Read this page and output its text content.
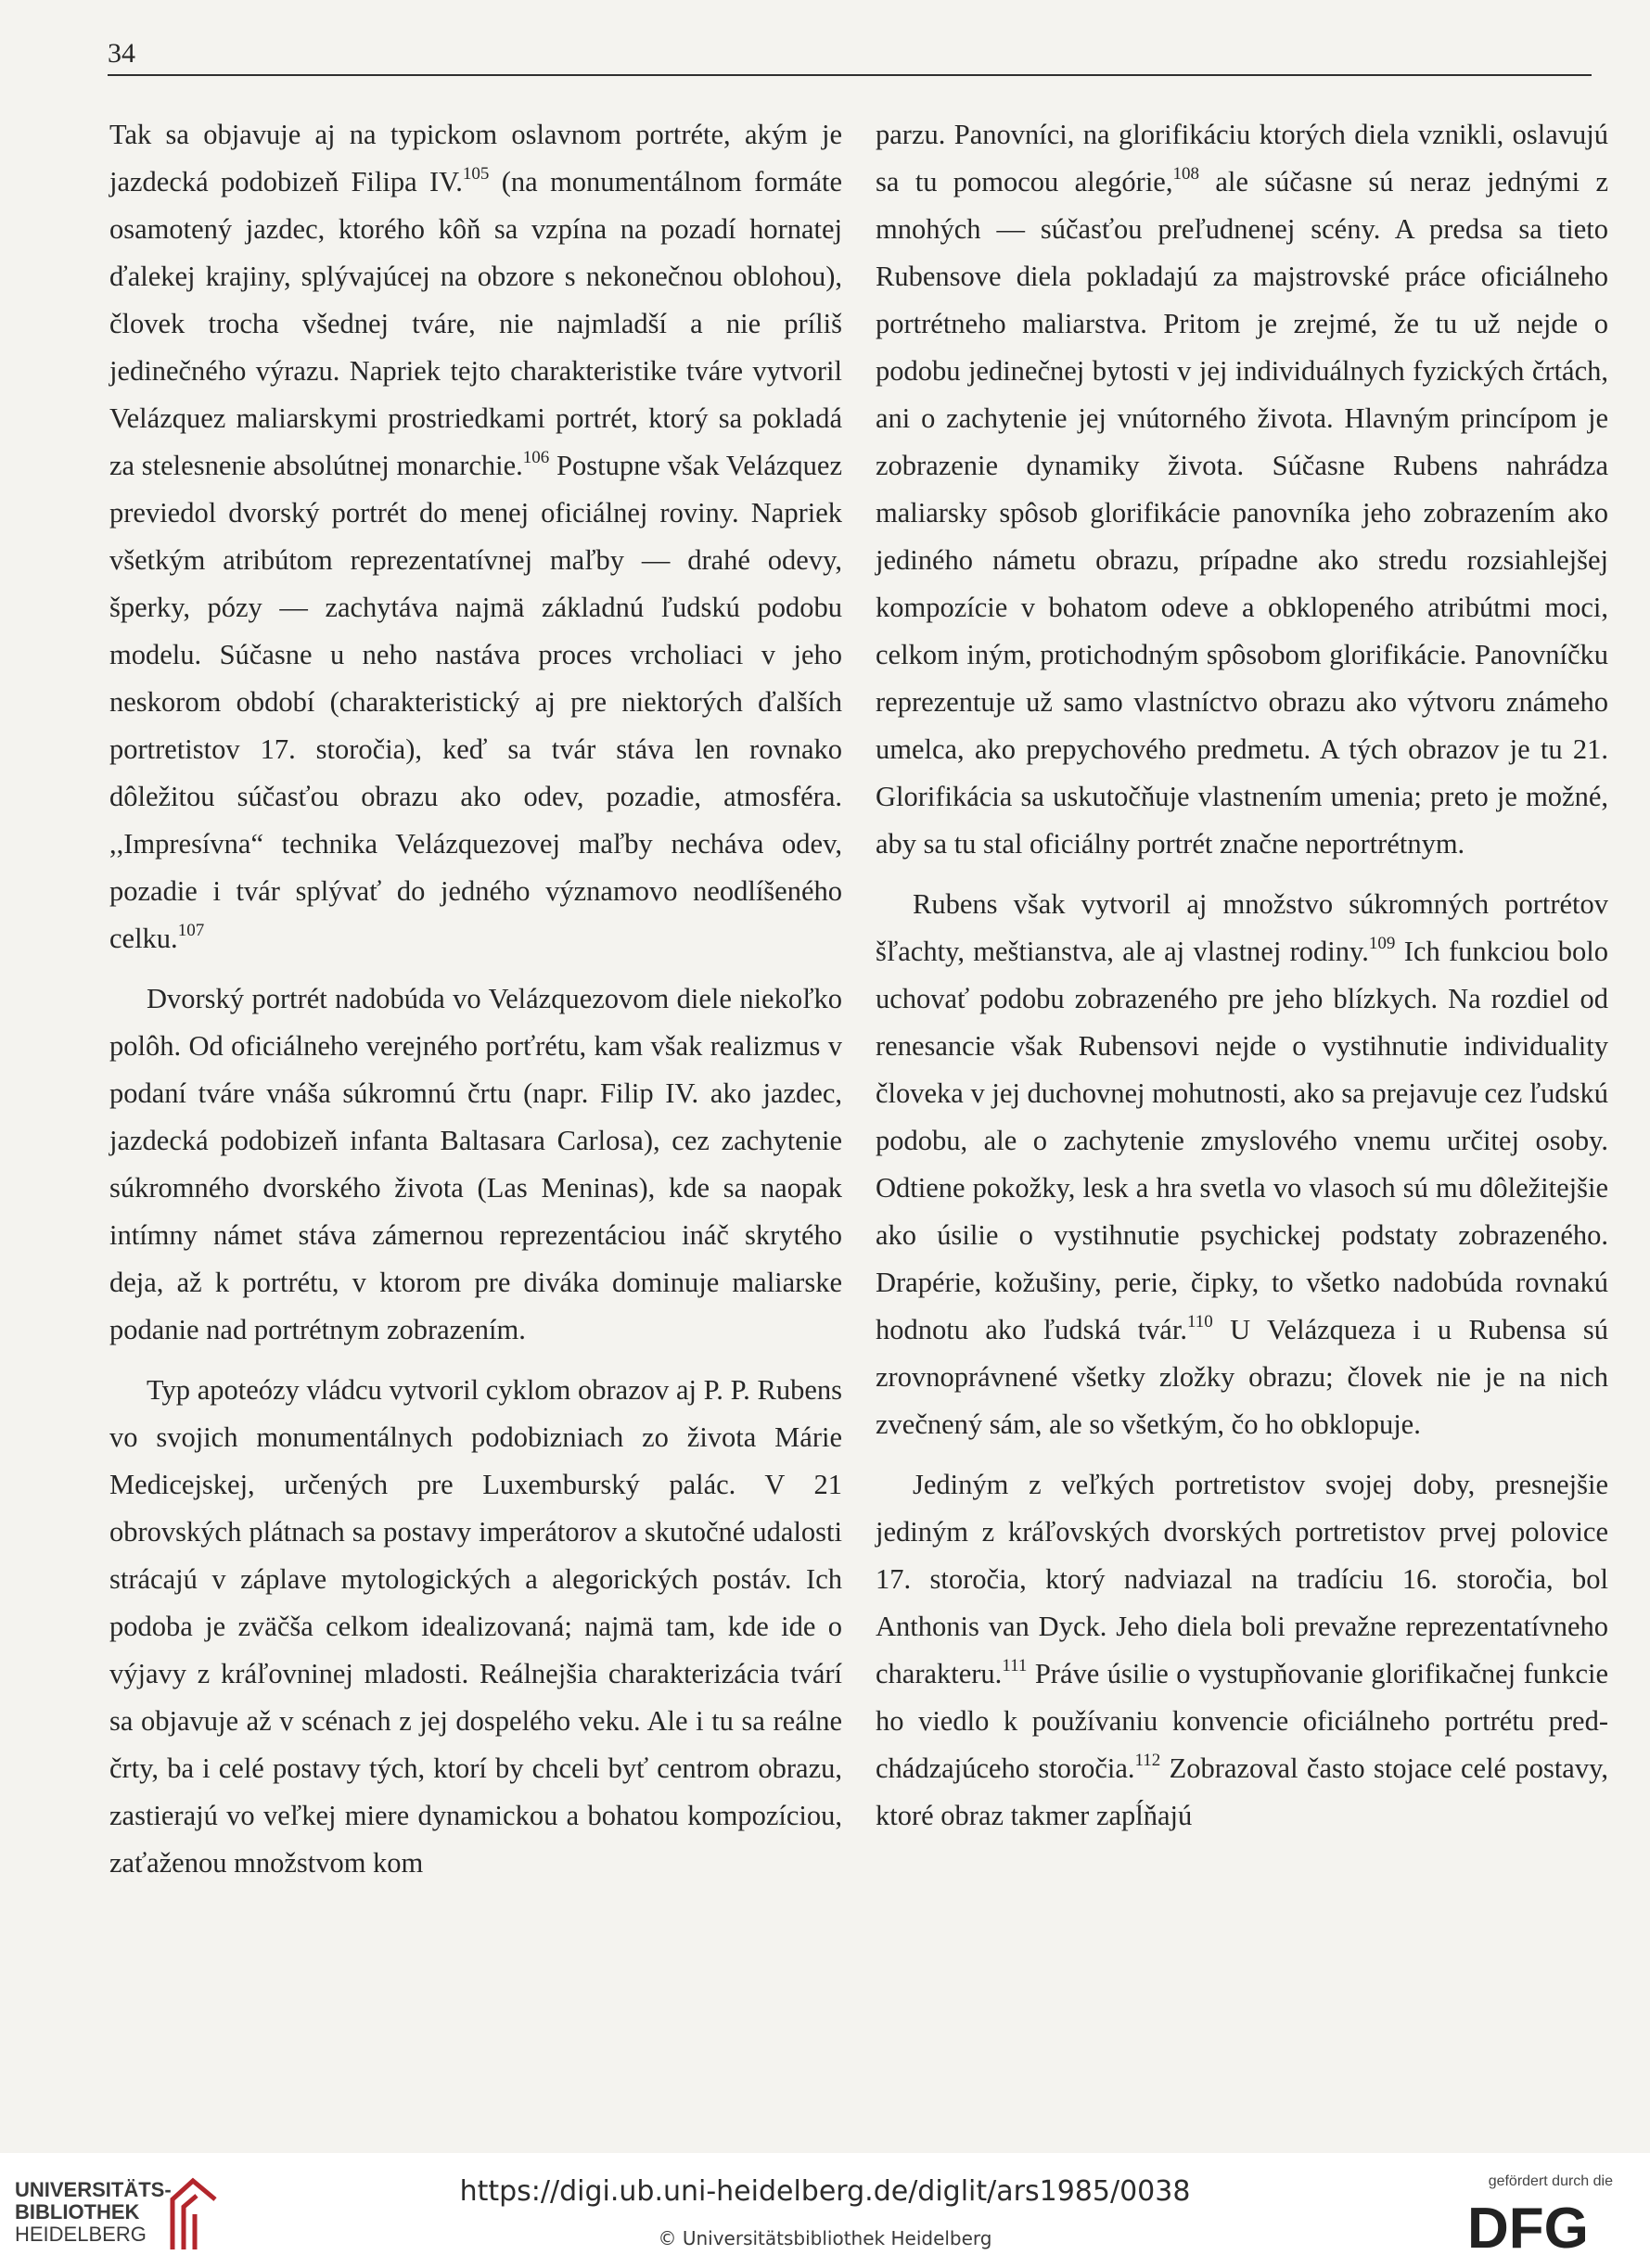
34

Tak sa objavuje aj na typickom oslavnom portréte, akým je jazdecká podobizeň Filipa IV.$^{105}$ (na monumentálnom formáte osamotený jazdec, ktorého kôň sa vzpína na pozadí hornatej ďalekej krajiny, splývajúcej na obzore s nekonečnou oblohou), človek trocha všednej tváre, nie najmladší a nie príliš jedinečného výrazu. Napriek tejto charakteristike tváre vytvoril Velázquez maliarskymi prostriedkami portrét, ktorý sa pokladá za stelesnenie absolútnej monarchie.$^{106}$ Postupne však Velázquez previedol dvorský portrét do menej oficiálnej roviny. Napriek všetkým atribútom reprezentatívnej maľby — drahé odevy, šperky, pózy — zachytáva najmä základnú ľudskú podobu modelu. Súčasne u neho nastáva proces vrcholiaci v jeho neskorom období (charakteristický aj pre niektorých ďalších portretistov 17. storočia), keď sa tvár stáva len rovnako dôležitou súčasťou obrazu ako odev, pozadie, atmosféra. ,,Impresívna“ technika Velázquezovej maľby necháva odev, pozadie i tvár splývať do jedného významovo neodlíšeného celku.$^{107}$

Dvorský portrét nadobúda vo Velázquezovom diele niekoľko polôh. Od oficiálneho verejného porťrétu, kam však realizmus v podaní tváre vnáša súkromnú črtu (napr. Filip IV. ako jazdec, jazdecká podobizeň infanta Baltasara Carlosa), cez zachytenie súkromného dvorského života (Las Meninas), kde sa naopak intímny námet stáva zámernou reprezentáciou ináč skrytého deja, až k portrétu, v ktorom pre diváka dominuje maliarske podanie nad portrétnym zobrazením.

Typ apoteózy vládcu vytvoril cyklom obrazov aj P. P. Rubens vo svojich monumentálnych podobizniach zo života Márie Medicejskej, určených pre Luxemburský palác. V 21 obrovských plátnach sa postavy imperátorov a skutočné udalosti strácajú v záplave mytologických a alegorických postáv. Ich podoba je zväčša celkom idealizovaná; najmä tam, kde ide o výjavy z kráľovninej mladosti. Reálnejšia charakterizácia tvárí sa objavuje až v scénach z jej dospelého veku. Ale i tu sa reálne črty, ba i celé postavy tých, ktorí by chceli byť centrom obrazu, zastierajú vo veľkej miere dynamickou a bohatou kompozíciou, zaťaženou množstvom kom

parzu. Panovníci, na glorifikáciu ktorých diela vznikli, oslavujú sa tu pomocou alegórie,$^{108}$ ale súčasne sú neraz jednými z mnohých — súčasťou preľudnenej scény. A predsa sa tieto Rubensove diela pokladajú za majstrovské práce oficiálneho portrétneho maliarstva. Pritom je zrejmé, že tu už nejde o podobu jedinečnej bytosti v jej individuálnych fyzických črtách, ani o zachytenie jej vnútorného života. Hlavným princípom je zobrazenie dynamiky života. Súčasne Rubens nahrádza maliarsky spôsob glorifikácie panovníka jeho zobrazením ako jediného námetu obrazu, prípadne ako stredu rozsiahlejšej kompozície v bohatom odeve a obklopeného atribútmi moci, celkom iným, protichodným spôsobom glorifikácie. Panovníčku reprezentuje už samo vlastníctvo obrazu ako výtvoru známeho umelca, ako prepychového predmetu. A tých obrazov je tu 21. Glorifikácia sa uskutočňuje vlastnením umenia; preto je možné, aby sa tu stal oficiálny portrét značne neportrétnym.

Rubens však vytvoril aj množstvo súkromných portrétov šľachty, meštianstva, ale aj vlastnej rodiny.$^{109}$ Ich funkciou bolo uchovať podobu zobrazeného pre jeho blízkych. Na rozdiel od renesancie však Rubensovi nejde o vystihnutie individuality človeka v jej duchovnej mohutnosti, ako sa prejavuje cez ľudskú podobu, ale o zachytenie zmyslového vnemu určitej osoby. Odtiene pokožky, lesk a hra svetla vo vlasoch sú mu dôležitejšie ako úsilie o vystihnutie psychickej podstaty zobrazeného. Drapérie, kožušiny, perie, čipky, to všetko nadobúda rovnakú hodnotu ako ľudská tvár.$^{110}$ U Velázqueza i u Rubensa sú zrovnoprávnené všetky zložky obrazu; človek nie je na nich zvečnený sám, ale so všetkým, čo ho obklopuje.

Jediným z veľkých portretistov svojej doby, presnejšie jediným z kráľovských dvorských portretistov prvej polovice 17. storočia, ktorý nadviazal na tradíciu 16. storočia, bol Anthonis van Dyck. Jeho diela boli prevažne reprezentatívneho charakteru.$^{111}$ Práve úsilie o vystupňovanie glorifikačnej funkcie ho viedlo k používaniu konvencie oficiálneho portrétu predchádzajúceho storočia.$^{112}$ Zobrazoval často stojace celé postavy, ktoré obraz takmer zapĺňajú

UNIVERSITÄTS-
BIBLIOTHEK
HEIDELBERG
https://digi.ub.uni-heidelberg.de/diglit/ars1985/0038
© Universitätsbibliothek Heidelberg
gefördert durch die
DFG
